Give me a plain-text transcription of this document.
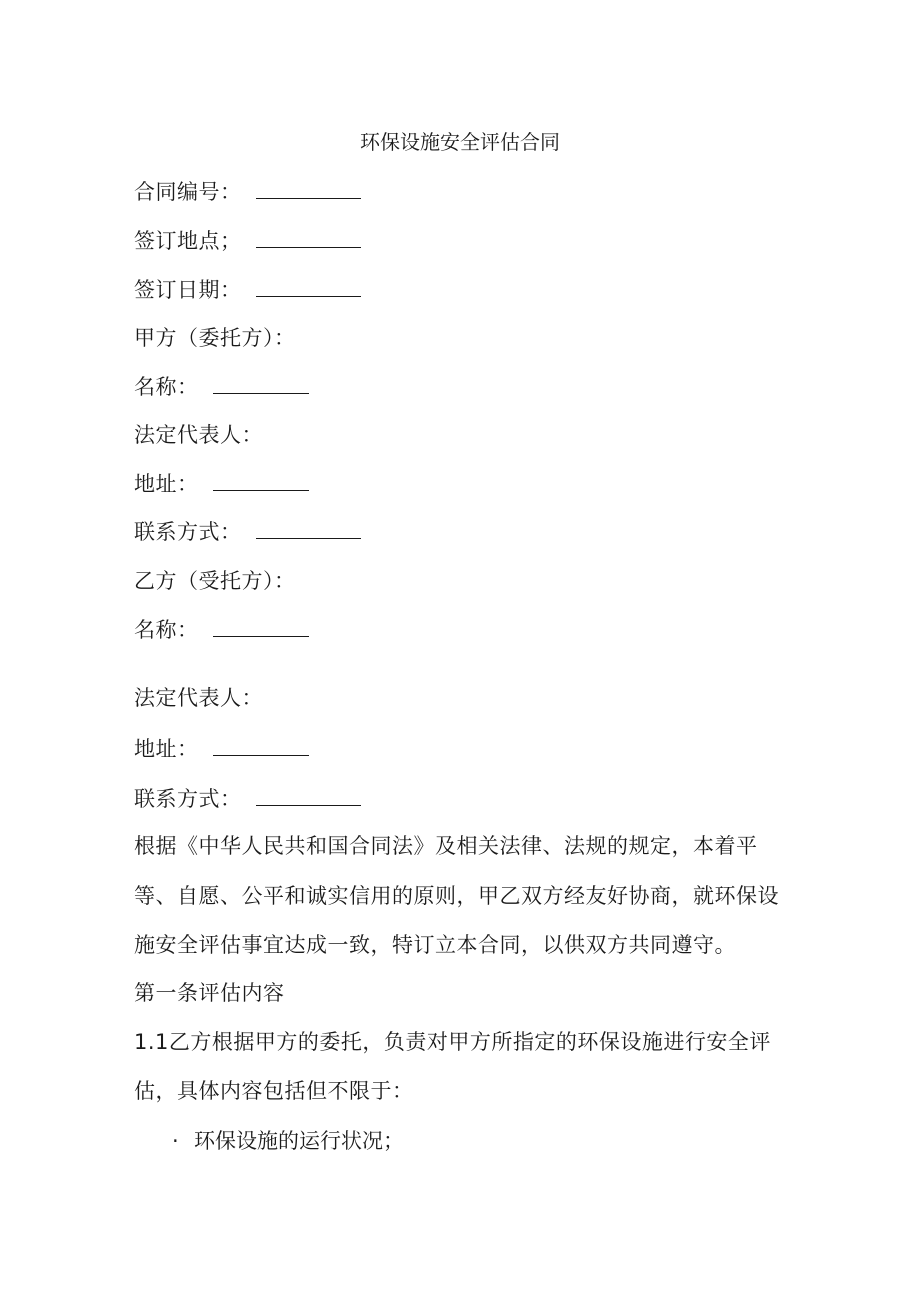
环保设施安全评估合同
合同编号：
签订地点；
签订日期：
甲方（委托方）：
名称：
法定代表人：
地址：
联系方式：
乙方（受托方）：
名称：
法定代表人：
地址：
联系方式：
根据《中华人民共和国合同法》及相关法律、法规的规定，本着平
等、自愿、公平和诚实信用的原则，甲乙双方经友好协商，就环保设
施安全评估事宜达成一致，特订立本合同，以供双方共同遵守。
第一条评估内容
1.1乙方根据甲方的委托，负责对甲方所指定的环保设施进行安全评
估，具体内容包括但不限于：
· 环保设施的运行状况；
